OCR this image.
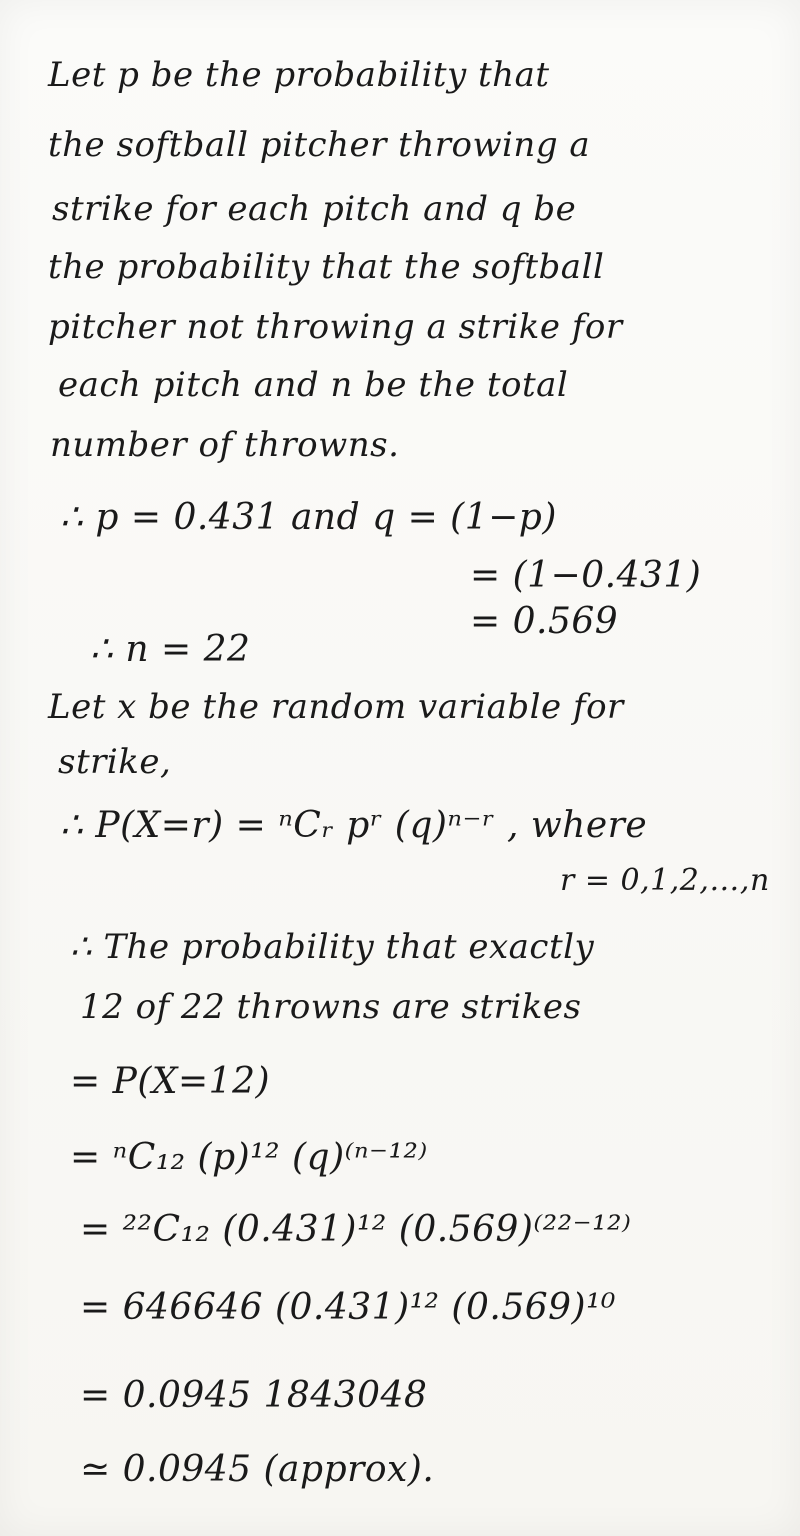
Let p be the probability that
the softball pitcher throwing a
strike for each pitch and q be
the probability that the softball
pitcher not throwing a strike for
each pitch and n be the total
number of throwns.
∴ p = 0.431 and q = (1−p)
= (1−0.431)
= 0.569
∴ n = 22
Let x be the random variable for
strike,
∴ P(X=r) = ⁿCᵣ pʳ (q)ⁿ⁻ʳ , where
r = 0,1,2,…,n
∴ The probability that exactly
12 of 22 throwns are strikes
= P(X=12)
= ⁿC₁₂ (p)¹² (q)⁽ⁿ⁻¹²⁾
= ²²C₁₂ (0.431)¹² (0.569)⁽²²⁻¹²⁾
= 646646 (0.431)¹² (0.569)¹⁰
= 0.0945 1843048
≃ 0.0945 (approx).
